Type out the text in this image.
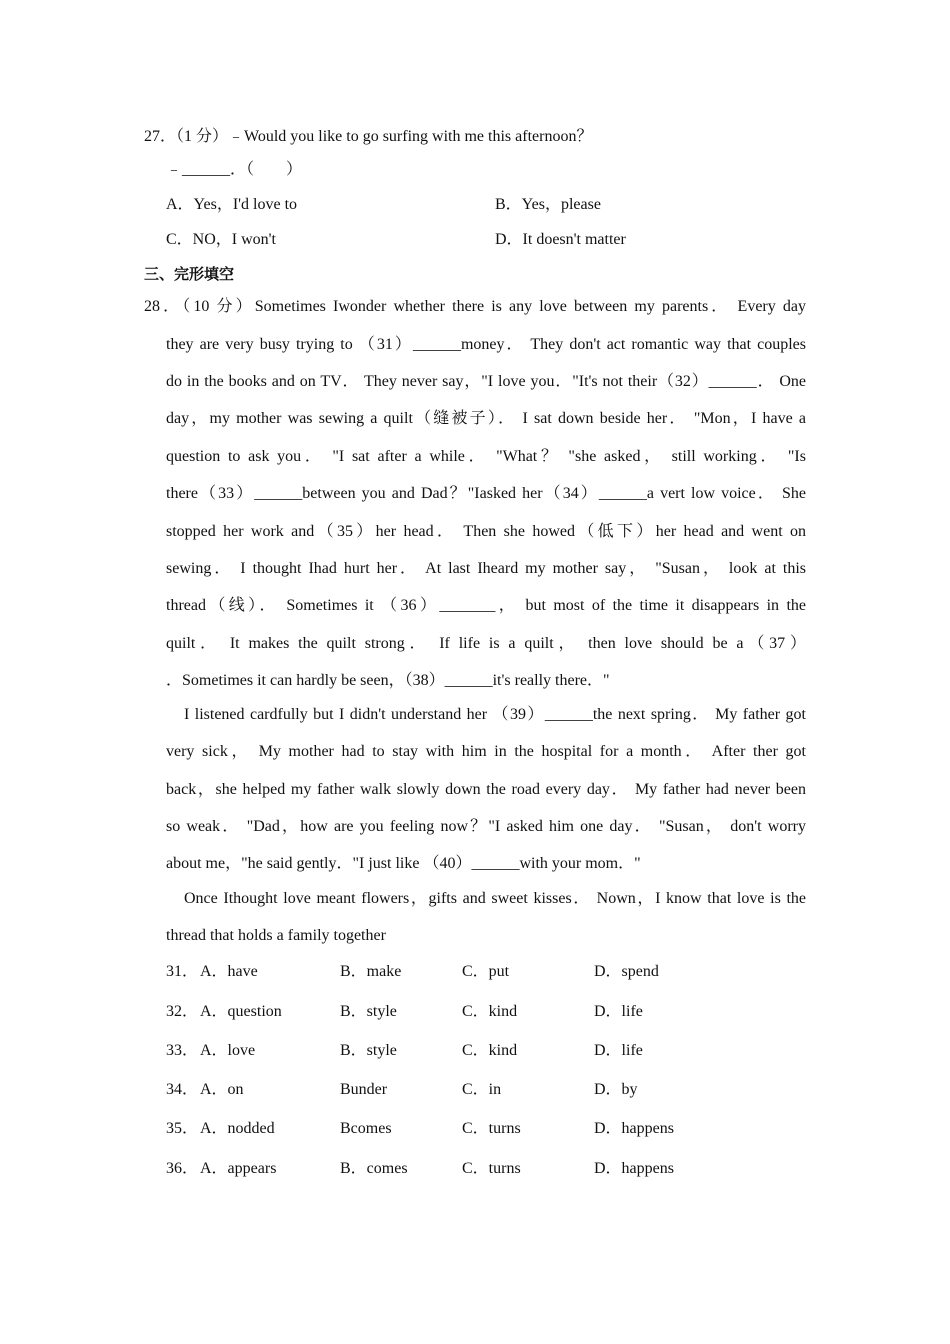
27．（1 分）﹣Would you like to go surfing with me this afternoon？
﹣______．（　　）
A．Yes，I'd love to	B．Yes，please
C．NO，I won't	D．It doesn't matter
三、完形填空
28．（10 分）Sometimes Iwonder whether there is any love between my parents． Every day
they are very busy trying to （31）______money． They don't act romantic way that couples
do in the books and on TV． They never say，"I love you．"It's not their（32）______． One
day，my mother was sewing a quilt（缝被子）． I sat down beside her． "Mon，I have a
question to ask you． "I sat after a while． "What？ "she asked， still working． "Is
there（33）______between you and Dad？"Iasked her（34）______a vert low voice． She
stopped her work and（35）her head． Then she howed（低下）her head and went on
sewing． I thought Ihad hurt her． At last Iheard my mother say， "Susan， look at this
thread（线）． Sometimes it （36）_______， but most of the time it disappears in the
quilt． It makes the quilt strong． If life is a quilt， then love should be a（37）
．Sometimes it can hardly be seen，（38）______it's really there．"
I listened cardfully but I didn't understand her （39）______the next spring． My father got
very sick， My mother had to stay with him in the hospital for a month． After ther got
back，she helped my father walk slowly down the road every day． My father had never been
so weak． "Dad，how are you feeling now？"I asked him one day． "Susan， don't worry
about me，"he said gently．"I just like （40）______with your mom．"
Once Ithought love meant flowers，gifts and sweet kisses． Nown，I know that love is the
thread that holds a family together
31． A．have	B．make	C．put	D．spend
32． A．question	B．style	C．kind	D．life
33． A．love	B．style	C．kind	D．life
34． A．on	Bunder	C．in	D．by
35． A．nodded	Bcomes	C．turns	D．happens
36． A．appears	B．comes	C．turns	D．happens
